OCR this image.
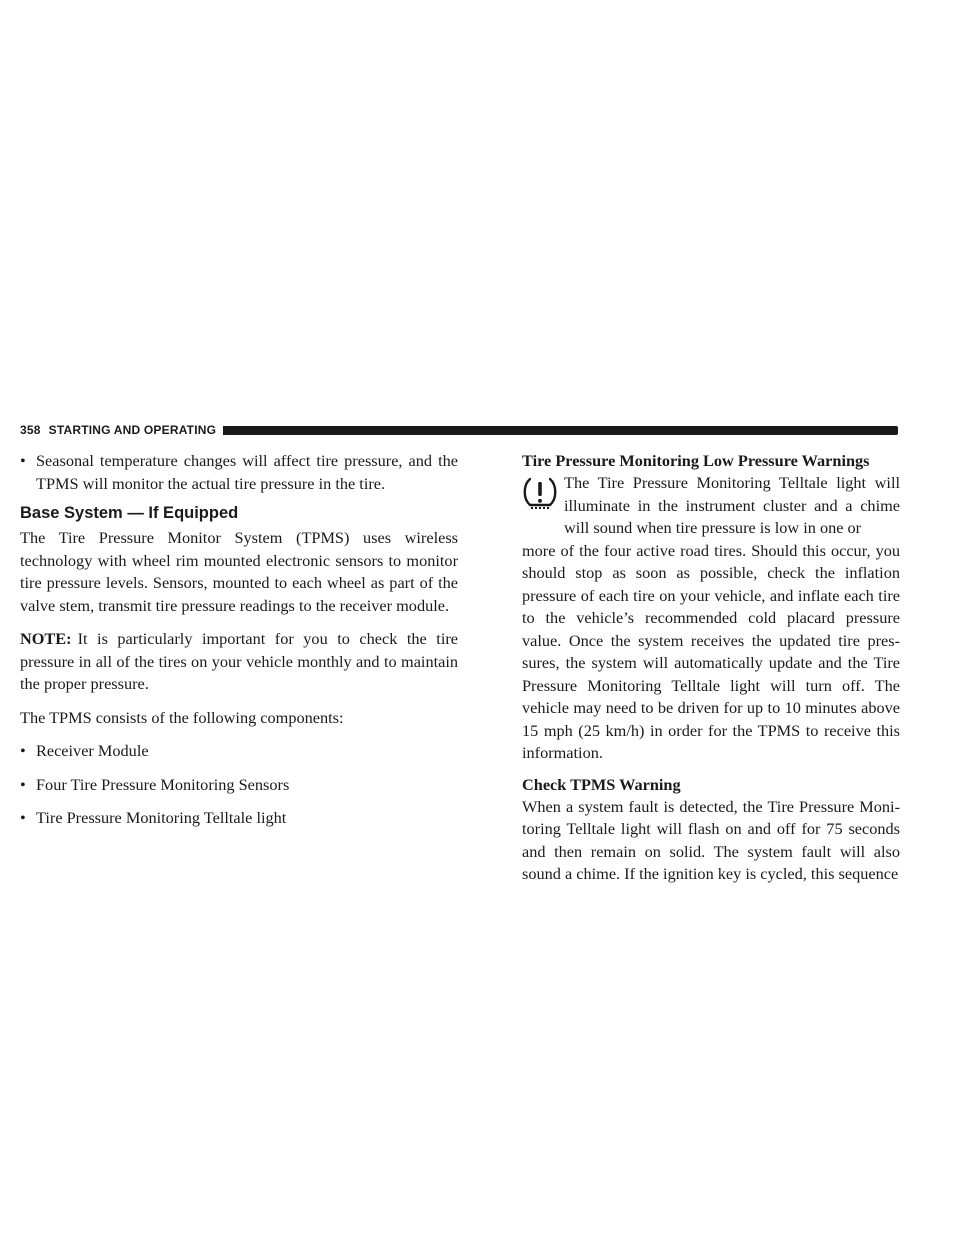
358 STARTING AND OPERATING
• Seasonal temperature changes will affect tire pressure, and the TPMS will monitor the actual tire pressure in the tire.
Base System — If Equipped

The Tire Pressure Monitor System (TPMS) uses wireless technology with wheel rim mounted electronic sensors to monitor tire pressure levels. Sensors, mounted to each wheel as part of the valve stem, transmit tire pressure readings to the receiver module.

NOTE: It is particularly important for you to check the tire pressure in all of the tires on your vehicle monthly and to maintain the proper pressure.

The TPMS consists of the following components:

• Receiver Module
• Four Tire Pressure Monitoring Sensors
• Tire Pressure Monitoring Telltale light
Tire Pressure Monitoring Low Pressure Warnings

The Tire Pressure Monitoring Telltale light will illuminate in the instrument cluster and a chime will sound when tire pressure is low in one or

more of the four active road tires. Should this occur, you should stop as soon as possible, check the inflation pressure of each tire on your vehicle, and inflate each tire to the vehicle’s recommended cold placard pressure value. Once the system receives the updated tire pres-sures, the system will automatically update and the Tire Pressure Monitoring Telltale light will turn off. The vehicle may need to be driven for up to 10 minutes above 15 mph (25 km/h) in order for the TPMS to receive this information.

Check TPMS Warning

When a system fault is detected, the Tire Pressure Moni-toring Telltale light will flash on and off for 75 seconds and then remain on solid. The system fault will also sound a chime. If the ignition key is cycled, this sequence
